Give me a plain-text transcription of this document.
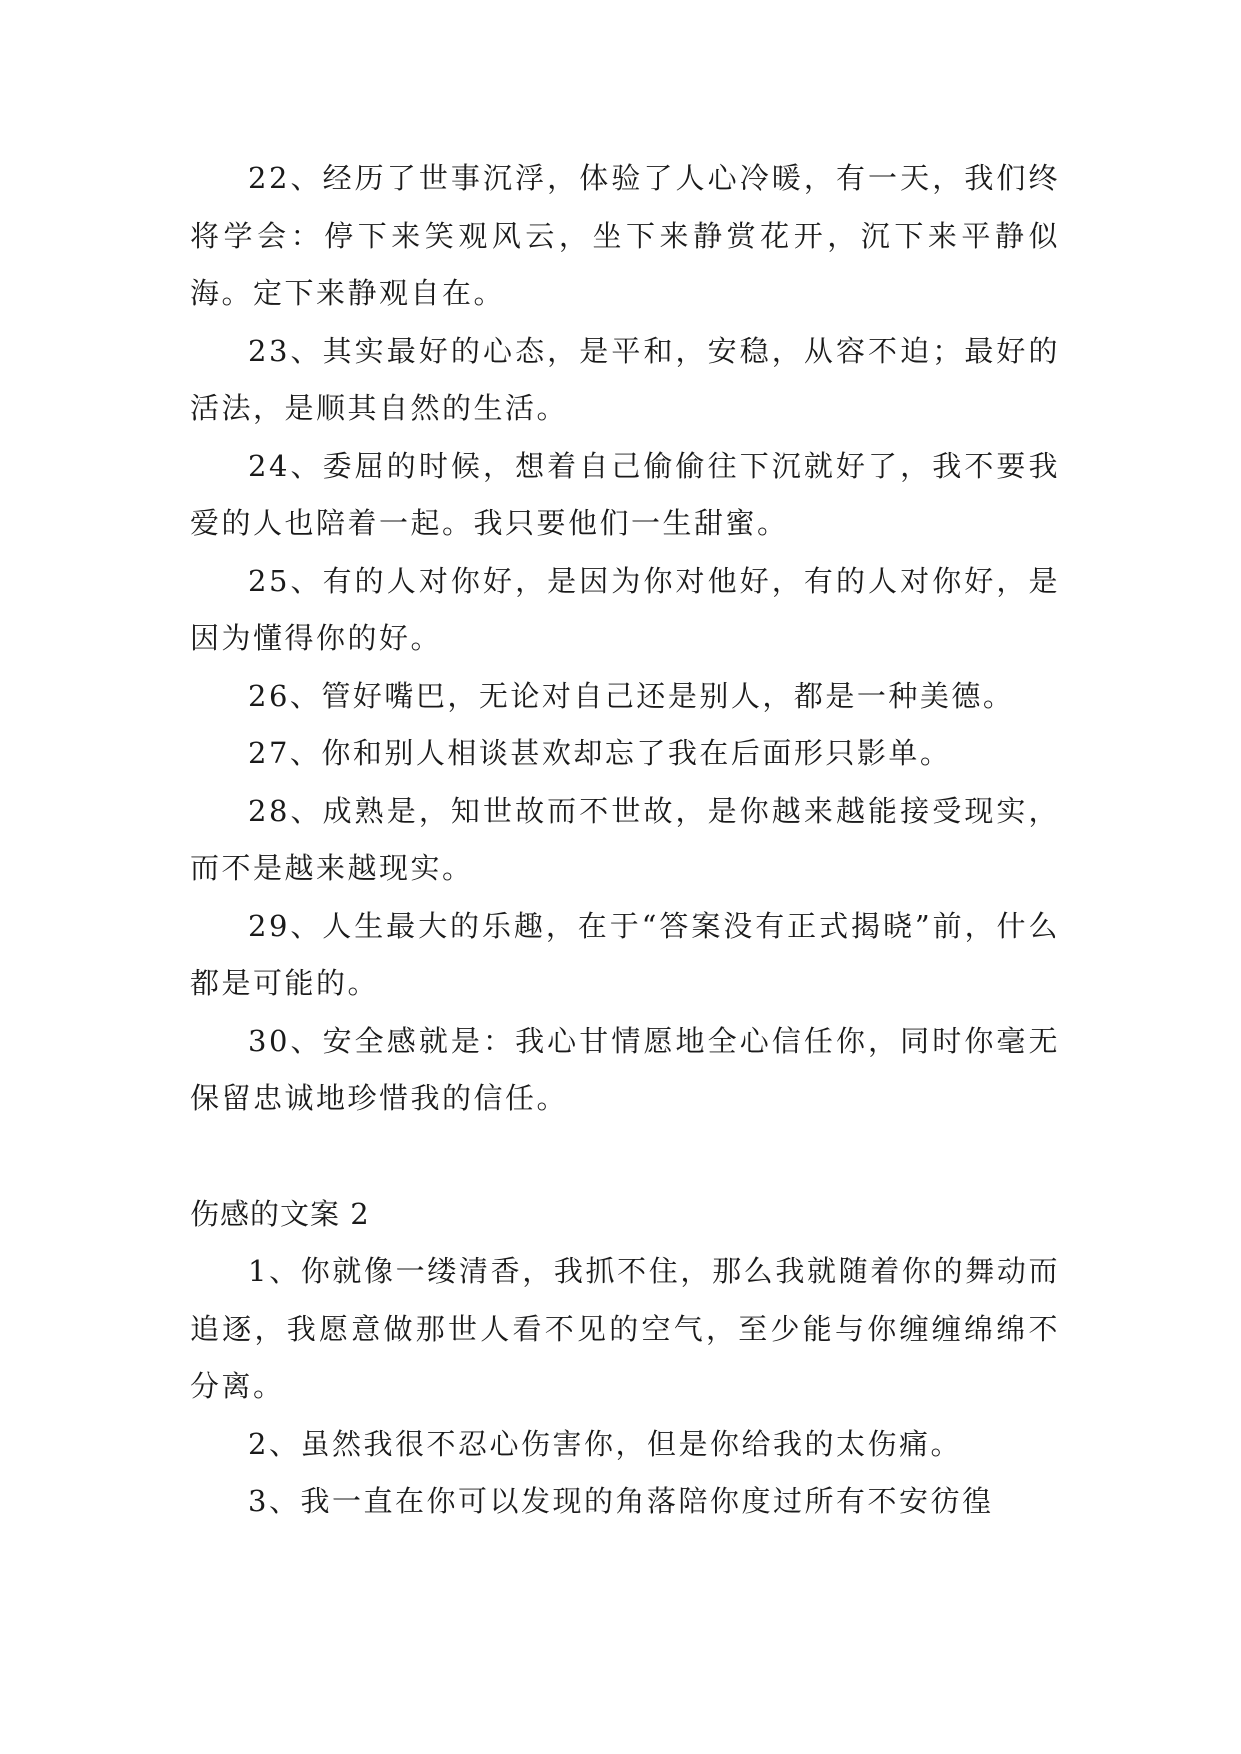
22、经历了世事沉浮，体验了人心冷暖，有一天，我们终将学会：停下来笑观风云，坐下来静赏花开，沉下来平静似海。定下来静观自在。

23、其实最好的心态，是平和，安稳，从容不迫；最好的活法，是顺其自然的生活。

24、委屈的时候，想着自己偷偷往下沉就好了，我不要我爱的人也陪着一起。我只要他们一生甜蜜。

25、有的人对你好，是因为你对他好，有的人对你好，是因为懂得你的好。

26、管好嘴巴，无论对自己还是别人，都是一种美德。

27、你和别人相谈甚欢却忘了我在后面形只影单。

28、成熟是，知世故而不世故，是你越来越能接受现实，而不是越来越现实。

29、人生最大的乐趣，在于“答案没有正式揭晓”前，什么都是可能的。

30、安全感就是：我心甘情愿地全心信任你，同时你毫无保留忠诚地珍惜我的信任。

伤感的文案 2

1、你就像一缕清香，我抓不住，那么我就随着你的舞动而追逐，我愿意做那世人看不见的空气，至少能与你缠缠绵绵不分离。

2、虽然我很不忍心伤害你，但是你给我的太伤痛。

3、我一直在你可以发现的角落陪你度过所有不安彷徨
